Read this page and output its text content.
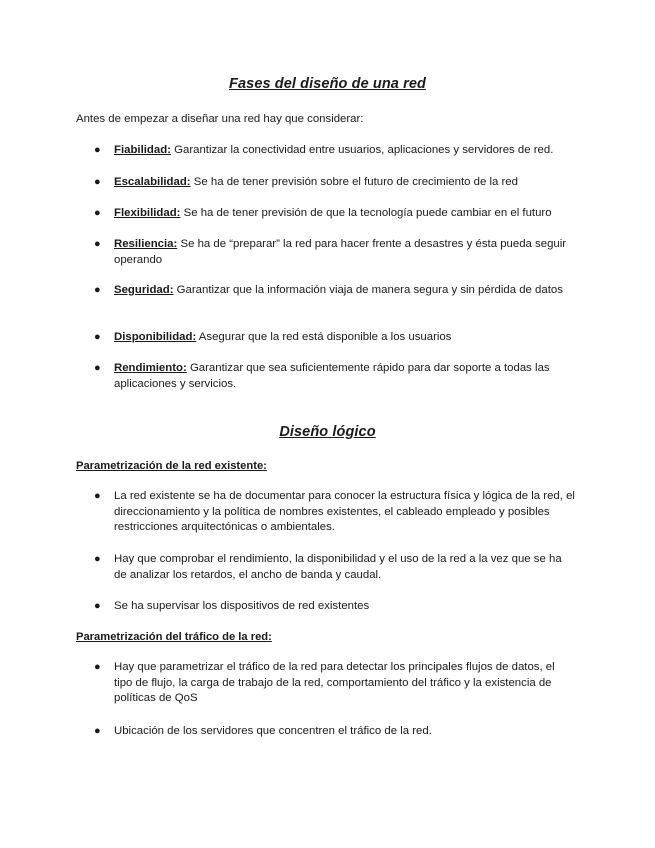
Fases del diseño de una red
Antes de empezar a diseñar una red hay que considerar:
● Fiabilidad: Garantizar la conectividad entre usuarios, aplicaciones y servidores de red.
● Escalabilidad: Se ha de tener previsión sobre el futuro de crecimiento de la red
● Flexibilidad: Se ha de tener previsión de que la tecnología puede cambiar en el futuro
● Resiliencia: Se ha de “preparar” la red para hacer frente a desastres y ésta pueda seguir operando
● Seguridad: Garantizar que la información viaja de manera segura y sin pérdida de datos
● Disponibilidad: Asegurar que la red está disponible a los usuarios
● Rendimiento: Garantizar que sea suficientemente rápido para dar soporte a todas las aplicaciones y servicios.
Diseño lógico
Parametrización de la red existente:
● La red existente se ha de documentar para conocer la estructura física y lógica de la red, el direccionamiento y la política de nombres existentes, el cableado empleado y posibles restricciones arquitectónicas o ambientales.
● Hay que comprobar el rendimiento, la disponibilidad y el uso de la red a la vez que se ha de analizar los retardos, el ancho de banda y caudal.
● Se ha supervisar los dispositivos de red existentes
Parametrización del tráfico de la red:
● Hay que parametrizar el tráfico de la red para detectar los principales flujos de datos, el tipo de flujo, la carga de trabajo de la red, comportamiento del tráfico y la existencia de políticas de QoS
● Ubicación de los servidores que concentren el tráfico de la red.
